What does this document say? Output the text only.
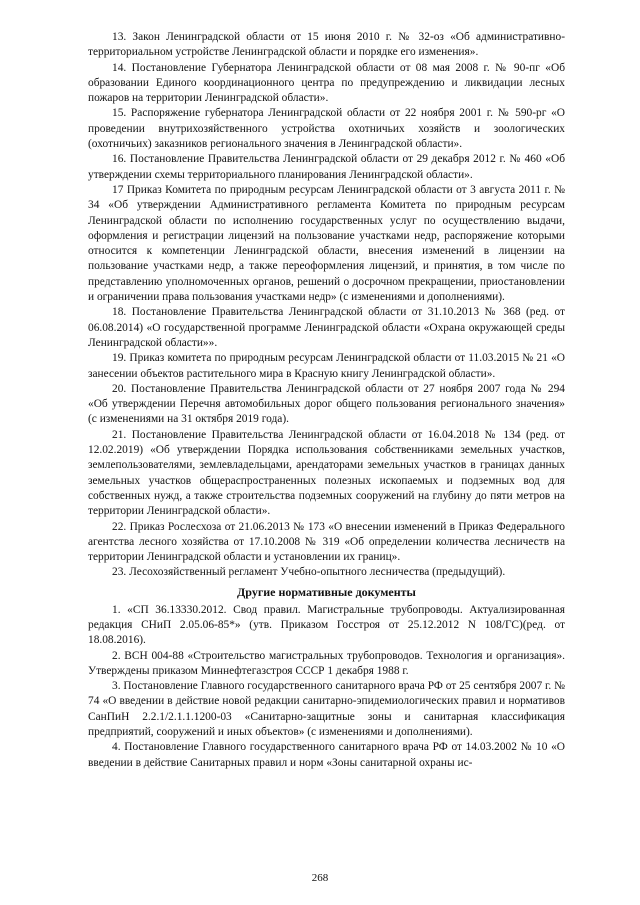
13. Закон Ленинградской области от 15 июня 2010 г. № 32-оз «Об административно-территориальном устройстве Ленинградской области и порядке его изменения».

14. Постановление Губернатора Ленинградской области от 08 мая 2008 г. № 90-пг «Об образовании Единого координационного центра по предупреждению и ликвидации лесных пожаров на территории Ленинградской области».

15. Распоряжение губернатора Ленинградской области от 22 ноября 2001 г. № 590-рг «О проведении внутрихозяйственного устройства охотничьих хозяйств и зоологических (охотничьих) заказников регионального значения в Ленинградской области».

16. Постановление Правительства Ленинградской области от 29 декабря 2012 г. № 460 «Об утверждении схемы территориального планирования Ленинградской области».

17 Приказ Комитета по природным ресурсам Ленинградской области от 3 августа 2011 г. № 34 «Об утверждении Административного регламента Комитета по природным ресурсам Ленинградской области по исполнению государственных услуг по осуществлению выдачи, оформления и регистрации лицензий на пользование участками недр, распоряжение которыми относится к компетенции Ленинградской области, внесения изменений в лицензии на пользование участками недр, а также переоформления лицензий, и принятия, в том числе по представлению уполномоченных органов, решений о досрочном прекращении, приостановлении и ограничении права пользования участками недр» (с изменениями и дополнениями).

18. Постановление Правительства Ленинградской области от 31.10.2013 № 368 (ред. от 06.08.2014) «О государственной программе Ленинградской области «Охрана окружающей среды Ленинградской области»».

19. Приказ комитета по природным ресурсам Ленинградской области от 11.03.2015 № 21 «О занесении объектов растительного мира в Красную книгу Ленинградской области».

20. Постановление Правительства Ленинградской области от 27 ноября 2007 года № 294 «Об утверждении Перечня автомобильных дорог общего пользования регионального значения» (с изменениями на 31 октября 2019 года).

21. Постановление Правительства Ленинградской области от 16.04.2018 № 134 (ред. от 12.02.2019) «Об утверждении Порядка использования собственниками земельных участков, землепользователями, землевладельцами, арендаторами земельных участков в границах данных земельных участков общераспространенных полезных ископаемых и подземных вод для собственных нужд, а также строительства подземных сооружений на глубину до пяти метров на территории Ленинградской области».

22. Приказ Рослесхоза от 21.06.2013 № 173 «О внесении изменений в Приказ Федерального агентства лесного хозяйства от 17.10.2008 № 319 «Об определении количества лесничеств на территории Ленинградской области и установлении их границ».

23. Лесохозяйственный регламент Учебно-опытного лесничества (предыдущий).

Другие нормативные документы

1. «СП 36.13330.2012. Свод правил. Магистральные трубопроводы. Актуализированная редакция СНиП 2.05.06-85*» (утв. Приказом Госстроя от 25.12.2012 N 108/ГС)(ред. от 18.08.2016).

2. ВСН 004-88 «Строительство магистральных трубопроводов. Технология и организация». Утверждены приказом Миннефтегазстроя СССР 1 декабря 1988 г.

3. Постановление Главного государственного санитарного врача РФ от 25 сентября 2007 г. № 74 «О введении в действие новой редакции санитарно-эпидемиологических правил и нормативов СанПиН 2.2.1/2.1.1.1200-03 «Санитарно-защитные зоны и санитарная классификация предприятий, сооружений и иных объектов» (с изменениями и дополнениями).

4. Постановление Главного государственного санитарного врача РФ от 14.03.2002 № 10 «О введении в действие Санитарных правил и норм «Зоны санитарной охраны ис-

268
